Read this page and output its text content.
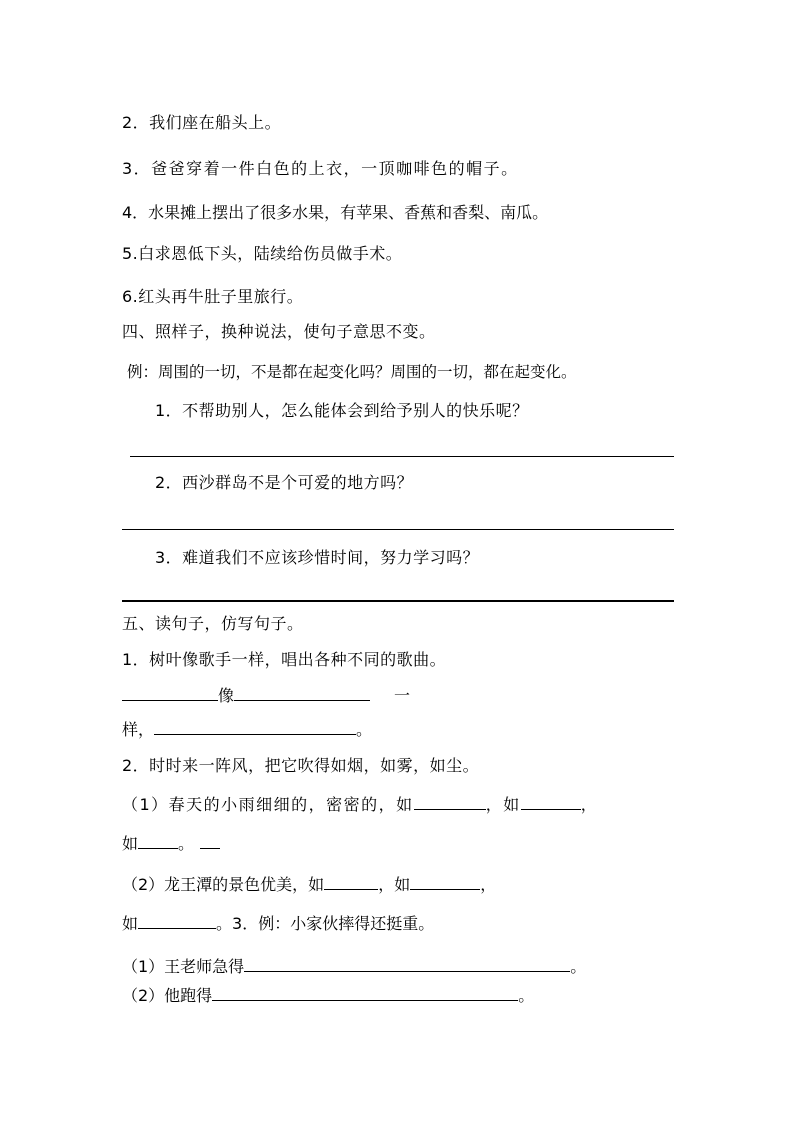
2．我们座在船头上。
3．爸爸穿着一件白色的上衣，一顶咖啡色的帽子。
4．水果摊上摆出了很多水果，有苹果、香蕉和香梨、南瓜。
5.白求恩低下头，陆续给伤员做手术。
6.红头再牛肚子里旅行。
四、照样子，换种说法，使句子意思不变。
例：周围的一切，不是都在起变化吗？周围的一切，都在起变化。
1．不帮助别人，怎么能体会到给予别人的快乐呢？
2．西沙群岛不是个可爱的地方吗？
3．难道我们不应该珍惜时间，努力学习吗？
五、读句子，仿写句子。
1．树叶像歌手一样，唱出各种不同的歌曲。
像	一
样，	。
2．时时来一阵风，把它吹得如烟，如雾，如尘。
（1）春天的小雨细细的，密密的，如	，如	，
如	。
（2）龙王潭的景色优美，如	，如	，
如	。3．例：小家伙摔得还挺重。
（1）王老师急得	。
（2）他跑得	。
